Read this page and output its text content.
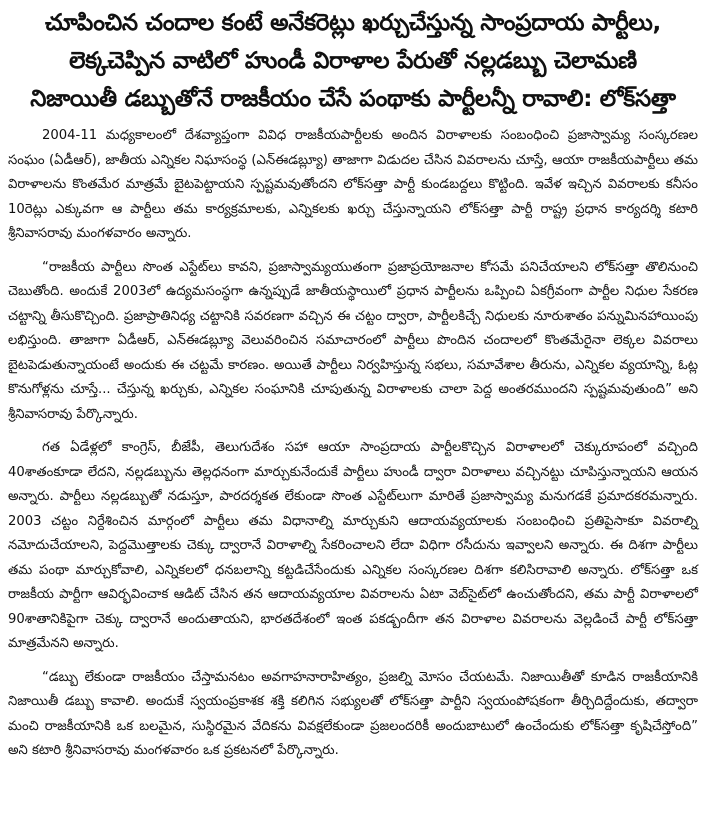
చూపించిన చందాల కంటే అనేకరెట్లు ఖర్చుచేస్తున్న సాంప్రదాయ పార్టీలు,
లెక్కచెప్పిన వాటిలో హుండీ విరాళాల పేరుతో నల్లడబ్బు చెలామణి
నిజాయితీ డబ్బుతోనే రాజకీయం చేసే పంథాకు పార్టీలన్నీ రావాలి: లోక్‌సత్తా

2004-11 మధ్యకాలంలో దేశవ్యాప్తంగా వివిధ రాజకీయపార్టీలకు అందిన విరాళాలకు సంబంధించి ప్రజాస్వామ్య సంస్కరణల సంఘం (ఏడీఆర్‌), జాతీయ ఎన్నికల నిఘాసంస్థ (ఎన్‌ఈడబ్ల్యూ) తాజాగా విడుదల చేసిన వివరాలను చూస్తే, ఆయా రాజకీయపార్టీలు తమ విరాళాలను కొంతమేర మాత్రమే బైటపెట్టాయని స్పష్టమవుతోందని లోక్‌సత్తా పార్టీ కుండబద్దలు కొట్టింది. ఇవేళ ఇచ్చిన వివరాలకు కనీసం 10రెట్లు ఎక్కువగా ఆ పార్టీలు తమ కార్యక్రమాలకు, ఎన్నికలకు ఖర్చు చేస్తున్నాయని లోక్‌సత్తా పార్టీ రాష్ట్ర ప్రధాన కార్యదర్శి కటారి శ్రీనివాసరావు మంగళవారం అన్నారు.

“రాజకీయ పార్టీలు సొంత ఎస్టేట్‌లు కావని, ప్రజాస్వామ్యయుతంగా ప్రజాప్రయోజనాల కోసమే పనిచేయాలని లోక్‌సత్తా తొలినుంచి చెబుతోంది. అందుకే 2003లో ఉద్యమసంస్థగా ఉన్నప్పుడే జాతీయస్థాయిలో ప్రధాన పార్టీలను ఒప్పించి ఏకగ్రీవంగా పార్టీల నిధుల సేకరణ చట్టాన్ని తీసుకొచ్చింది. ప్రజాప్రాతినిధ్య చట్టానికి సవరణగా వచ్చిన ఈ చట్టం ద్వారా, పార్టీలకిచ్చే నిధులకు నూరుశాతం పన్నుమినహాయింపు లభిస్తుంది. తాజాగా ఏడీఆర్‌, ఎన్‌ఈడబ్ల్యూ వెలువరించిన సమాచారంలో పార్టీలు పొందిన చందాలలో కొంతమేరైనా లెక్కల వివరాలు బైటపెడుతున్నాయంటే అందుకు ఈ చట్టమే కారణం. అయితే పార్టీలు నిర్వహిస్తున్న సభలు, సమావేశాల తీరును, ఎన్నికల వ్యయాన్ని, ఓట్ల కొనుగోళ్లను చూస్తే... చేస్తున్న ఖర్చుకు, ఎన్నికల సంఘానికి చూపుతున్న విరాళాలకు చాలా పెద్ద అంతరముందని స్పష్టమవుతుంది” అని శ్రీనివాసరావు పేర్కొన్నారు.

గత ఏడేళ్లలో కాంగ్రెస్‌, బీజేపీ, తెలుగుదేశం సహా ఆయా సాంప్రదాయ పార్టీలకొచ్చిన విరాళాలలో చెక్కురూపంలో వచ్చింది 40శాతంకూడా లేదని, నల్లడబ్బును తెల్లధనంగా మార్చుకునేందుకే పార్టీలు హుండీ ద్వారా విరాళాలు వచ్చినట్టు చూపిస్తున్నాయని ఆయన అన్నారు. పార్టీలు నల్లడబ్బుతో నడుస్తూ, పారదర్శకత లేకుండా సొంత ఎస్టేట్‌లుగా మారితే ప్రజాస్వామ్య మనుగడకే ప్రమాదకరమన్నారు. 2003 చట్టం నిర్దేశించిన మార్గంలో పార్టీలు తమ విధానాల్ని మార్చుకుని ఆదాయవ్యయాలకు సంబంధించి ప్రతిపైసాకూ వివరాల్ని నమోదుచేయాలని, పెద్దమొత్తాలకు చెక్కు ద్వారానే విరాళాల్ని సేకరించాలని లేదా విధిగా రసీదును ఇవ్వాలని అన్నారు. ఈ దిశగా పార్టీలు తమ పంథా మార్చుకోవాలి, ఎన్నికలలో ధనబలాన్ని కట్టడిచేసేందుకు ఎన్నికల సంస్కరణల దిశగా కలిసిరావాలి అన్నారు. లోక్‌సత్తా ఒక రాజకీయ పార్టీగా ఆవిర్భవించాక ఆడిట్‌ చేసిన తన ఆదాయవ్యయాల వివరాలను ఏటా వెబ్‌సైట్‌లో ఉంచుతోందని, తమ పార్టీ విరాళాలలో 90శాతానికిపైగా చెక్కు ద్వారానే అందుతాయని, భారతదేశంలో ఇంత పకడ్బందీగా తన విరాళాల వివరాలను వెల్లడించే పార్టీ లోక్‌సత్తా మాత్రమేనని అన్నారు.

“డబ్బు లేకుండా రాజకీయం చేస్తామనటం అవగాహనారాహిత్యం, ప్రజల్ని మోసం చేయటమే. నిజాయితీతో కూడిన రాజకీయానికి నిజాయితీ డబ్బు కావాలి. అందుకే స్వయంప్రకాశక శక్తి కలిగిన సభ్యులతో లోక్‌సత్తా పార్టీని స్వయంపోషకంగా తీర్చిదిద్దేందుకు, తద్వారా మంచి రాజకీయానికి ఒక బలమైన, సుస్థిరమైన వేదికను వివక్షలేకుండా ప్రజలందరికీ అందుబాటులో ఉంచేందుకు లోక్‌సత్తా కృషిచేస్తోంది” అని కటారి శ్రీనివాసరావు మంగళవారం ఒక ప్రకటనలో పేర్కొన్నారు.
